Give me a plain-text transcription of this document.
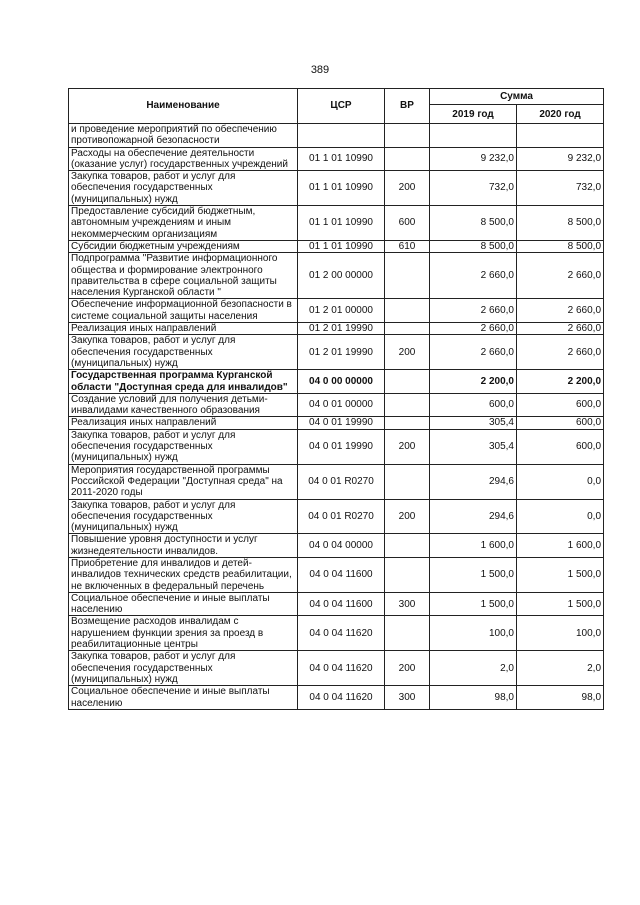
389
Наименование	ЦСР	ВР	Сумма	
			2019 год	2020 год
и проведение мероприятий по обеспечению противопожарной безопасности				
Расходы на обеспечение деятельности (оказание услуг) государственных учреждений	01 1 01 10990		9 232,0	9 232,0
Закупка товаров, работ и услуг для обеспечения государственных (муниципальных) нужд	01 1 01 10990	200	732,0	732,0
Предоставление субсидий бюджетным, автономным учреждениям и иным некоммерческим организациям	01 1 01 10990	600	8 500,0	8 500,0
Субсидии бюджетным учреждениям	01 1 01 10990	610	8 500,0	8 500,0
Подпрограмма "Развитие информационного общества и формирование электронного правительства в сфере социальной защиты населения Курганской области "	01 2 00 00000		2 660,0	2 660,0
Обеспечение информационной безопасности в системе социальной защиты населения	01 2 01 00000		2 660,0	2 660,0
Реализация иных направлений	01 2 01 19990		2 660,0	2 660,0
Закупка товаров, работ и услуг для обеспечения государственных (муниципальных) нужд	01 2 01 19990	200	2 660,0	2 660,0
Государственная программа Курганской области "Доступная среда для инвалидов"	04 0 00 00000		2 200,0	2 200,0
Создание условий для получения детьми-инвалидами качественного образования	04 0 01 00000		600,0	600,0
Реализация иных направлений	04 0 01 19990		305,4	600,0
Закупка товаров, работ и услуг для обеспечения государственных (муниципальных) нужд	04 0 01 19990	200	305,4	600,0
Мероприятия государственной программы Российской Федерации "Доступная среда" на 2011-2020 годы	04 0 01 R0270		294,6	0,0
Закупка товаров, работ и услуг для обеспечения государственных (муниципальных) нужд	04 0 01 R0270	200	294,6	0,0
Повышение уровня доступности и услуг жизнедеятельности инвалидов.	04 0 04 00000		1 600,0	1 600,0
Приобретение для инвалидов и детей-инвалидов технических средств реабилитации, не включенных в федеральный перечень	04 0 04 11600		1 500,0	1 500,0
Социальное обеспечение и иные выплаты населению	04 0 04 11600	300	1 500,0	1 500,0
Возмещение расходов инвалидам с нарушением функции зрения за проезд в реабилитационные центры	04 0 04 11620		100,0	100,0
Закупка товаров, работ и услуг для обеспечения государственных (муниципальных) нужд	04 0 04 11620	200	2,0	2,0
Социальное обеспечение и иные выплаты населению	04 0 04 11620	300	98,0	98,0
